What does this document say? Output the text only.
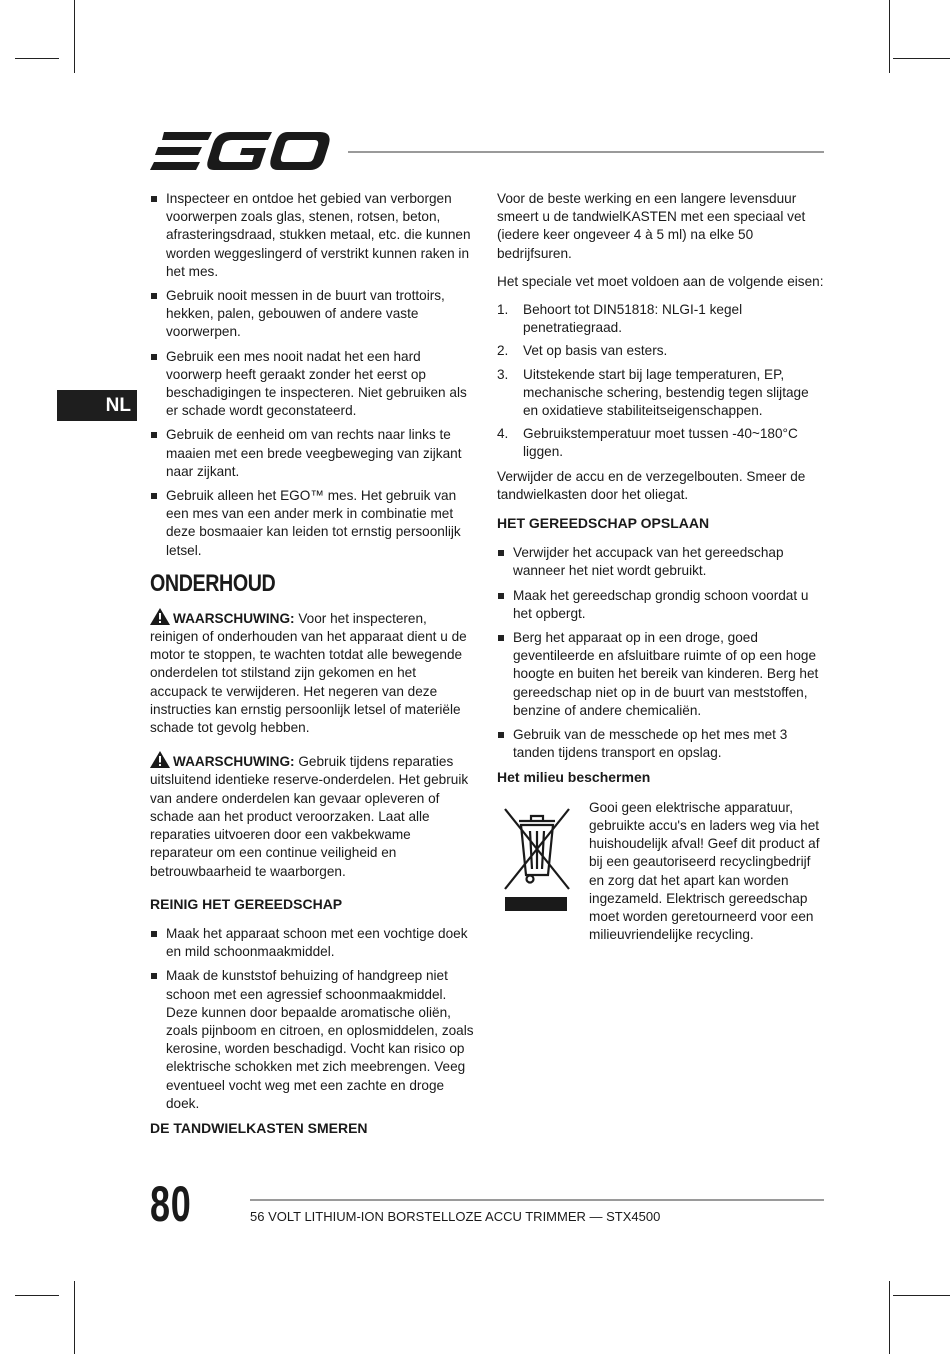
NL
Inspecteer en ontdoe het gebied van verborgen voorwerpen zoals glas, stenen, rotsen, beton, afrasteringsdraad, stukken metaal, etc. die kunnen worden weggeslingerd of verstrikt kunnen raken in het mes.
Gebruik nooit messen in de buurt van trottoirs, hekken, palen, gebouwen of andere vaste voorwerpen.
Gebruik een mes nooit nadat het een hard voorwerp heeft geraakt zonder het eerst op beschadigingen te inspecteren. Niet gebruiken als er schade wordt geconstateerd.
Gebruik de eenheid om van rechts naar links te maaien met een brede veegbeweging van zijkant naar zijkant.
Gebruik alleen het EGO™ mes. Het gebruik van een mes van een ander merk in combinatie met deze bosmaaier kan leiden tot ernstig persoonlijk letsel.
ONDERHOUD
WAARSCHUWING: Voor het inspecteren, reinigen of onderhouden van het apparaat dient u de motor te stoppen, te wachten totdat alle bewegende onderdelen tot stilstand zijn gekomen en het accupack te verwijderen. Het negeren van deze instructies kan ernstig persoonlijk letsel of materiële schade tot gevolg hebben.
WAARSCHUWING: Gebruik tijdens reparaties uitsluitend identieke reserve-onderdelen. Het gebruik van andere onderdelen kan gevaar opleveren of schade aan het product veroorzaken. Laat alle reparaties uitvoeren door een vakbekwame reparateur om een continue veiligheid en betrouwbaarheid te waarborgen.
REINIG HET GEREEDSCHAP
Maak het apparaat schoon met een vochtige doek en mild schoonmaakmiddel.
Maak de kunststof behuizing of handgreep niet schoon met een agressief schoonmaakmiddel. Deze kunnen door bepaalde aromatische oliën, zoals pijnboom en citroen, en oplosmiddelen, zoals kerosine, worden beschadigd. Vocht kan risico op elektrische schokken met zich meebrengen. Veeg eventueel vocht weg met een zachte en droge doek.
DE TANDWIELKASTEN SMEREN

Voor de beste werking en een langere levensduur smeert u de tandwielKASTEN met een speciaal vet (iedere keer ongeveer 4 à 5 ml) na elke 50 bedrijfsuren.

Het speciale vet moet voldoen aan de volgende eisen:

1. Behoort tot DIN51818: NLGI-1 kegel penetratiegraad.
2. Vet op basis van esters.
3. Uitstekende start bij lage temperaturen, EP, mechanische schering, bestendig tegen slijtage en oxidatieve stabiliteitseigenschappen.
4. Gebruikstemperatuur moet tussen -40~180°C liggen.

Verwijder de accu en de verzegelbouten. Smeer de tandwielkasten door het oliegat.

HET GEREEDSCHAP OPSLAAN
Verwijder het accupack van het gereedschap wanneer het niet wordt gebruikt.
Maak het gereedschap grondig schoon voordat u het opbergt.
Berg het apparaat op in een droge, goed geventileerde en afsluitbare ruimte of op een hoge hoogte en buiten het bereik van kinderen. Berg het gereedschap niet op in de buurt van meststoffen, benzine of andere chemicaliën.
Gebruik van de messchede op het mes met 3 tanden tijdens transport en opslag.
Het milieu beschermen
Gooi geen elektrische apparatuur, gebruikte accu's en laders weg via het huishoudelijk afval! Geef dit product af bij een geautoriseerd recyclingbedrijf en zorg dat het apart kan worden ingezameld. Elektrisch gereedschap moet worden geretourneerd voor een milieuvriendelijke recycling.
80	56 VOLT LITHIUM-ION BORSTELLOZE ACCU TRIMMER — STX4500
